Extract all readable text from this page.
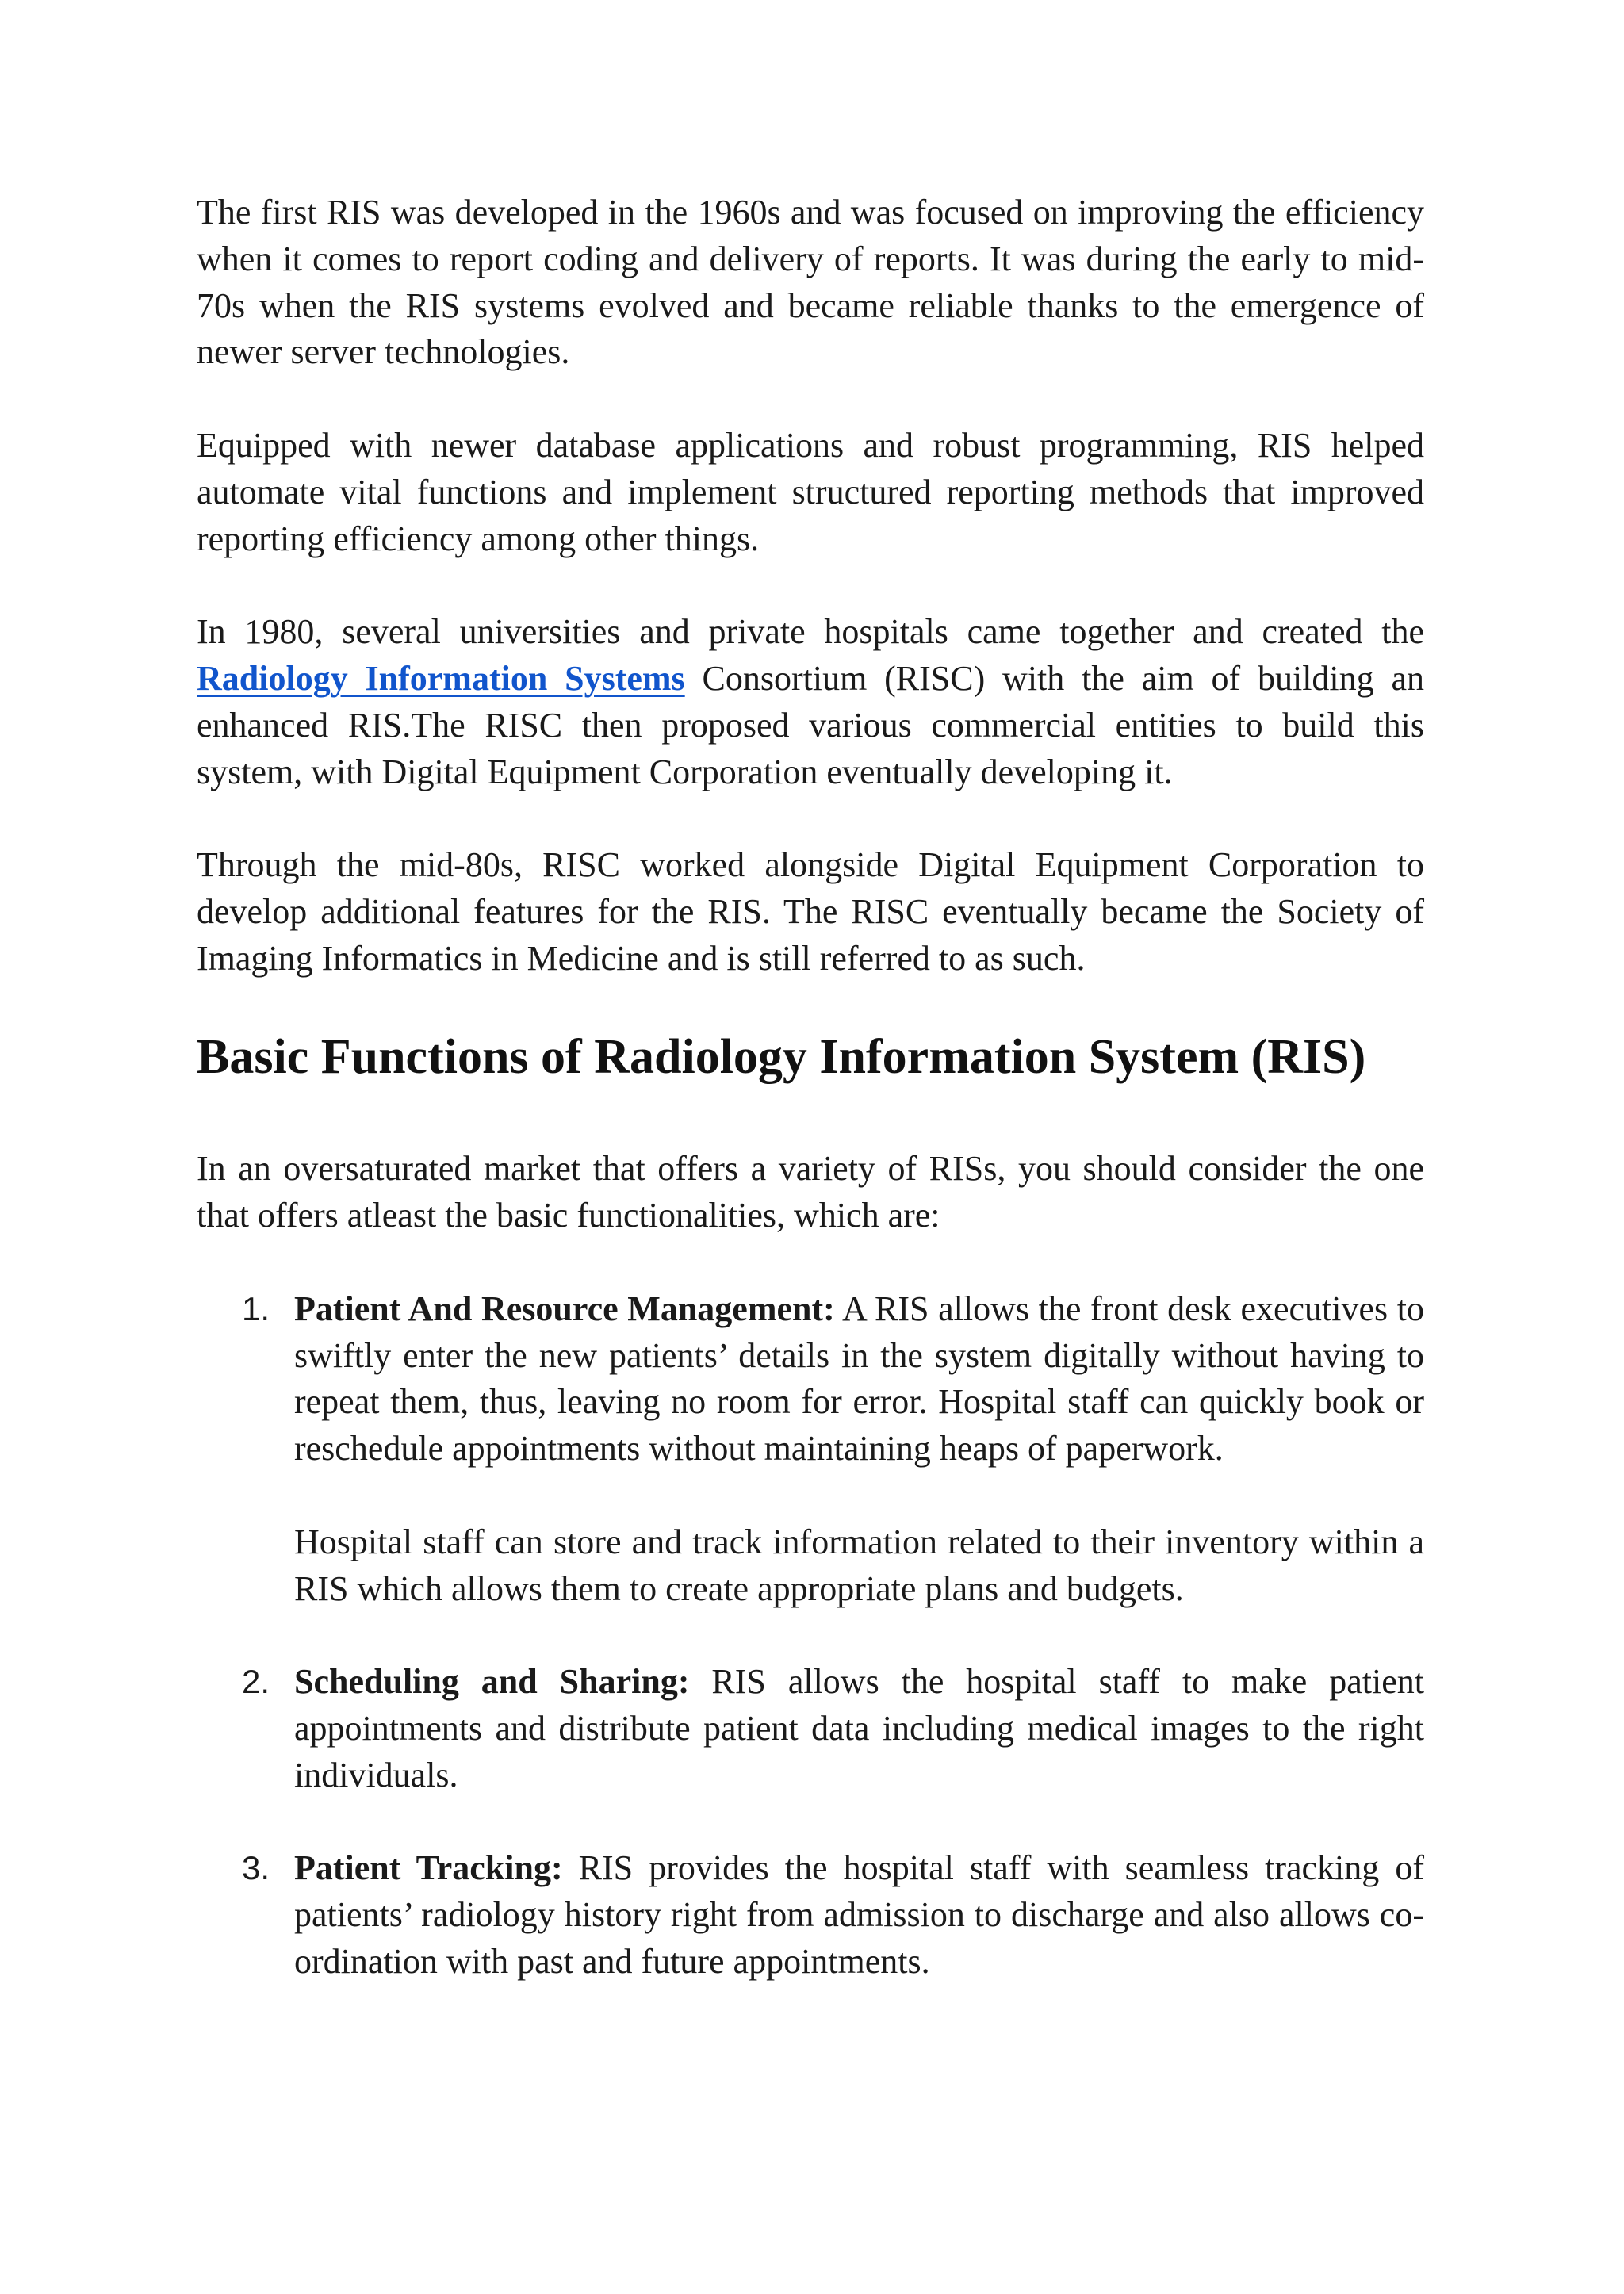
The first RIS was developed in the 1960s and was focused on improving the efficiency when it comes to report coding and delivery of reports. It was during the early to mid-70s when the RIS systems evolved and became reliable thanks to the emergence of newer server technologies.

Equipped with newer database applications and robust programming, RIS helped automate vital functions and implement structured reporting methods that improved reporting efficiency among other things.

In 1980, several universities and private hospitals came together and created the Radiology Information Systems Consortium (RISC) with the aim of building an enhanced RIS.The RISC then proposed various commercial entities to build this system, with Digital Equipment Corporation eventually developing it.

Through the mid-80s, RISC worked alongside Digital Equipment Corporation to develop additional features for the RIS. The RISC eventually became the Society of Imaging Informatics in Medicine and is still referred to as such.

Basic Functions of Radiology Information System (RIS)

In an oversaturated market that offers a variety of RISs, you should consider the one that offers atleast the basic functionalities, which are:

1. Patient And Resource Management: A RIS allows the front desk executives to swiftly enter the new patients’ details in the system digitally without having to repeat them, thus, leaving no room for error. Hospital staff can quickly book or reschedule appointments without maintaining heaps of paperwork.

Hospital staff can store and track information related to their inventory within a RIS which allows them to create appropriate plans and budgets.

2. Scheduling and Sharing: RIS allows the hospital staff to make patient appointments and distribute patient data including medical images to the right individuals.

3. Patient Tracking: RIS provides the hospital staff with seamless tracking of patients’ radiology history right from admission to discharge and also allows co-ordination with past and future appointments.
